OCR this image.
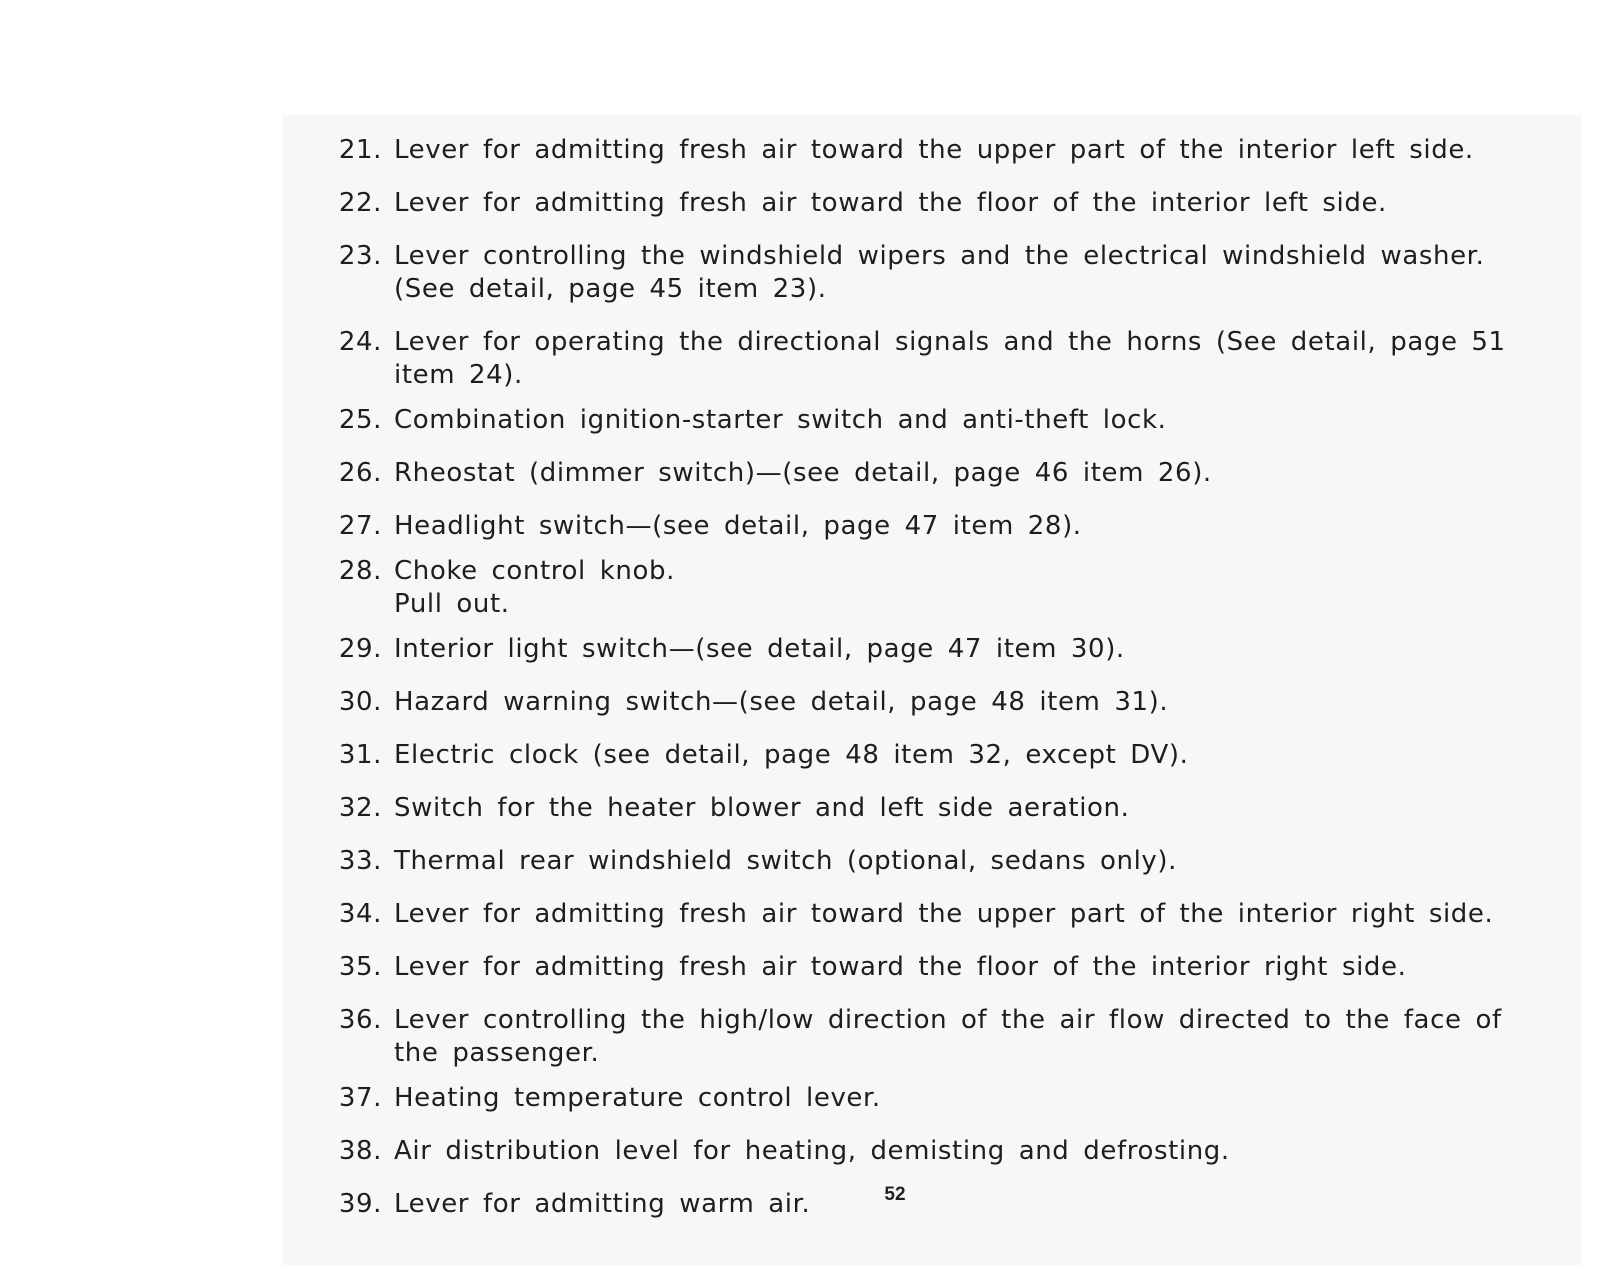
21. Lever for admitting fresh air toward the upper part of the interior left side.
22. Lever for admitting fresh air toward the floor of the interior left side.
23. Lever controlling the windshield wipers and the electrical windshield washer. (See detail, page 45 item 23).
24. Lever for operating the directional signals and the horns (See detail, page 51 item 24).
25. Combination ignition-starter switch and anti-theft lock.
26. Rheostat (dimmer switch)—(see detail, page 46 item 26).
27. Headlight switch—(see detail, page 47 item 28).
28. Choke control knob.
Pull out.
29. Interior light switch—(see detail, page 47 item 30).
30. Hazard warning switch—(see detail, page 48 item 31).
31. Electric clock (see detail, page 48 item 32, except DV).
32. Switch for the heater blower and left side aeration.
33. Thermal rear windshield switch (optional, sedans only).
34. Lever for admitting fresh air toward the upper part of the interior right side.
35. Lever for admitting fresh air toward the floor of the interior right side.
36. Lever controlling the high/low direction of the air flow directed to the face of the passenger.
37. Heating temperature control lever.
38. Air distribution level for heating, demisting and defrosting.
39. Lever for admitting warm air.	52
